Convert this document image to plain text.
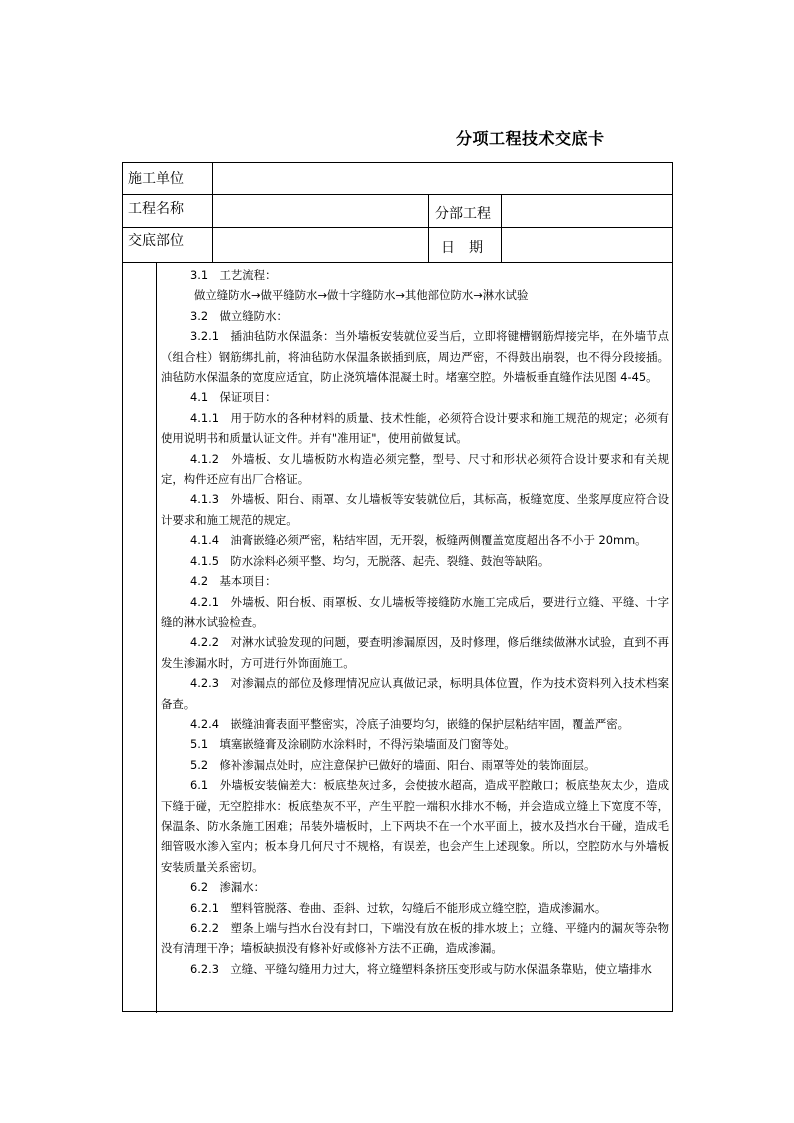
分项工程技术交底卡
施工单位
工程名称	分部工程
交底部位	日　期

3.1　工艺流程：

做立缝防水→做平缝防水→做十字缝防水→其他部位防水→淋水试验

3.2　做立缝防水：

3.2.1　插油毡防水保温条：当外墙板安装就位妥当后，立即将键槽钢筋焊接完毕，在外墙节点（组合柱）钢筋绑扎前，将油毡防水保温条嵌插到底，周边严密，不得鼓出崩裂，也不得分段接插。油毡防水保温条的宽度应适宜，防止浇筑墙体混凝土时。堵塞空腔。外墙板垂直缝作法见图 4-45。

4.1　保证项目：

4.1.1　用于防水的各种材料的质量、技术性能，必须符合设计要求和施工规范的规定；必须有使用说明书和质量认证文件。并有"准用证"，使用前做复试。

4.1.2　外墙板、女儿墙板防水构造必须完整，型号、尺寸和形状必须符合设计要求和有关规定，构件还应有出厂合格证。

4.1.3　外墙板、阳台、雨罩、女儿墙板等安装就位后，其标高，板缝宽度、坐浆厚度应符合设计要求和施工规范的规定。

4.1.4　油膏嵌缝必须严密，粘结牢固，无开裂，板缝两侧覆盖宽度超出各不小于 20mm。

4.1.5　防水涂料必须平整、均匀，无脱落、起壳、裂缝、鼓泡等缺陷。

4.2　基本项目：

4.2.1　外墙板、阳台板、雨罩板、女儿墙板等接缝防水施工完成后，要进行立缝、平缝、十字缝的淋水试验检查。

4.2.2　对淋水试验发现的问题，要查明渗漏原因，及时修理，修后继续做淋水试验，直到不再发生渗漏水时，方可进行外饰面施工。

4.2.3　对渗漏点的部位及修理情况应认真做记录，标明具体位置，作为技术资料列入技术档案备查。

4.2.4　嵌缝油膏表面平整密实，冷底子油要均匀，嵌缝的保护层粘结牢固，覆盖严密。

5.1　填塞嵌缝膏及涂刷防水涂料时，不得污染墙面及门窗等处。

5.2　修补渗漏点处时，应注意保护已做好的墙面、阳台、雨罩等处的装饰面层。

6.1　外墙板安装偏差大：板底垫灰过多，会使披水超高，造成平腔敞口；板底垫灰太少，造成下缝于碰，无空腔排水：板底垫灰不平，产生平腔一端积水排水不畅，并会造成立缝上下宽度不等，保温条、防水条施工困难；吊装外墙板时，上下两块不在一个水平面上，披水及挡水台干碰，造成毛细管吸水渗入室内；板本身几何尺寸不规格，有误差，也会产生上述现象。所以，空腔防水与外墙板安装质量关系密切。

6.2　渗漏水：

6.2.1　塑料管脱落、卷曲、歪斜、过软，勾缝后不能形成立缝空腔，造成渗漏水。

6.2.2　塑条上端与挡水台没有封口，下端没有放在板的排水坡上；立缝、平缝内的漏灰等杂物没有清理干净；墙板缺损没有修补好或修补方法不正确，造成渗漏。

6.2.3　立缝、平缝勾缝用力过大，将立缝塑料条挤压变形或与防水保温条靠贴，使立墙排水
